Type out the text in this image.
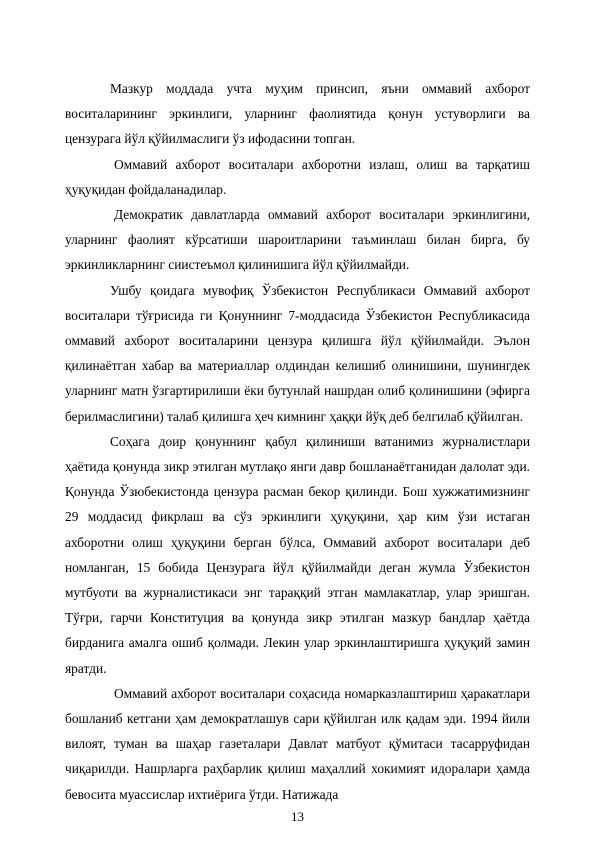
Мазкур моддада учта муҳим принсип, яъни оммавий ахборот воситаларининг эркинлиги, уларнинг фаолиятида қонун устуворлиги ва цензурага йўл қўйилмаслиги ўз ифодасини топган.

Оммавий ахборот воситалари ахборотни излаш, олиш ва тарқатиш ҳуқуқидан фойдаланадилар.

Демократик давлатларда оммавий ахборот воситалари эркинлигини, уларнинг фаолият кўрсатиши шароитларини таъминлаш билан бирга, бу эркинликларнинг сиистеъмол қилинишига йўл қўйилмайди.

Ушбу қоидага мувофиқ Ўзбекистон Республикаси Оммавий ахборот воситалари тўғрисида ги Қонуннинг 7-моддасида Ўзбекистон Республикасида оммавий ахборот воситаларини цензура қилишга йўл қўйилмайди. Эълон қилинаётган хабар ва материаллар олдиндан келишиб олинишини, шунингдек уларнинг матн ўзгартирилиши ёки бутунлай нашрдан олиб қолинишини (эфирга берилмаслигини) талаб қилишга ҳеч кимнинг ҳаққи йўқ деб белгилаб қўйилган.

Соҳага доир қонуннинг қабул қилиниши ватанимиз журналистлари ҳаётида қонунда зикр этилган мутлақо янги давр бошланаётганидан далолат эди. Қонунда Ўзюбекистонда цензура расман бекор қилинди. Бош хужжатимизнинг 29 моддасид фикрлаш ва сўз эркинлиги ҳуқуқини, ҳар ким ўзи истаган ахборотни олиш ҳуқуқини берган бўлса, Оммавий ахборот воситалари деб номланган, 15 бобида Цензурага йўл қўйилмайди деган жумла Ўзбекистон мутбуоти ва журналистикаси энг тараққий этган мамлакатлар, улар эришган. Тўғри, гарчи Конституция ва қонунда зикр этилган мазкур бандлар ҳаётда бирданига амалга ошиб қолмади. Лекин улар эркинлаштиришга ҳуқуқий замин яратди.

Оммавий ахборот воситалари соҳасида номарказлаштириш ҳаракатлари бошланиб кетгани ҳам демократлашув сари қўйилган илк қадам эди. 1994 йили вилоят, туман ва шаҳар газеталари Давлат матбуот қўмитаси тасарруфидан чиқарилди. Нашрларга раҳбарлик қилиш маҳаллий хокимият идоралари ҳамда бевосита муассислар ихтиёрига ўтди. Натижада

13
